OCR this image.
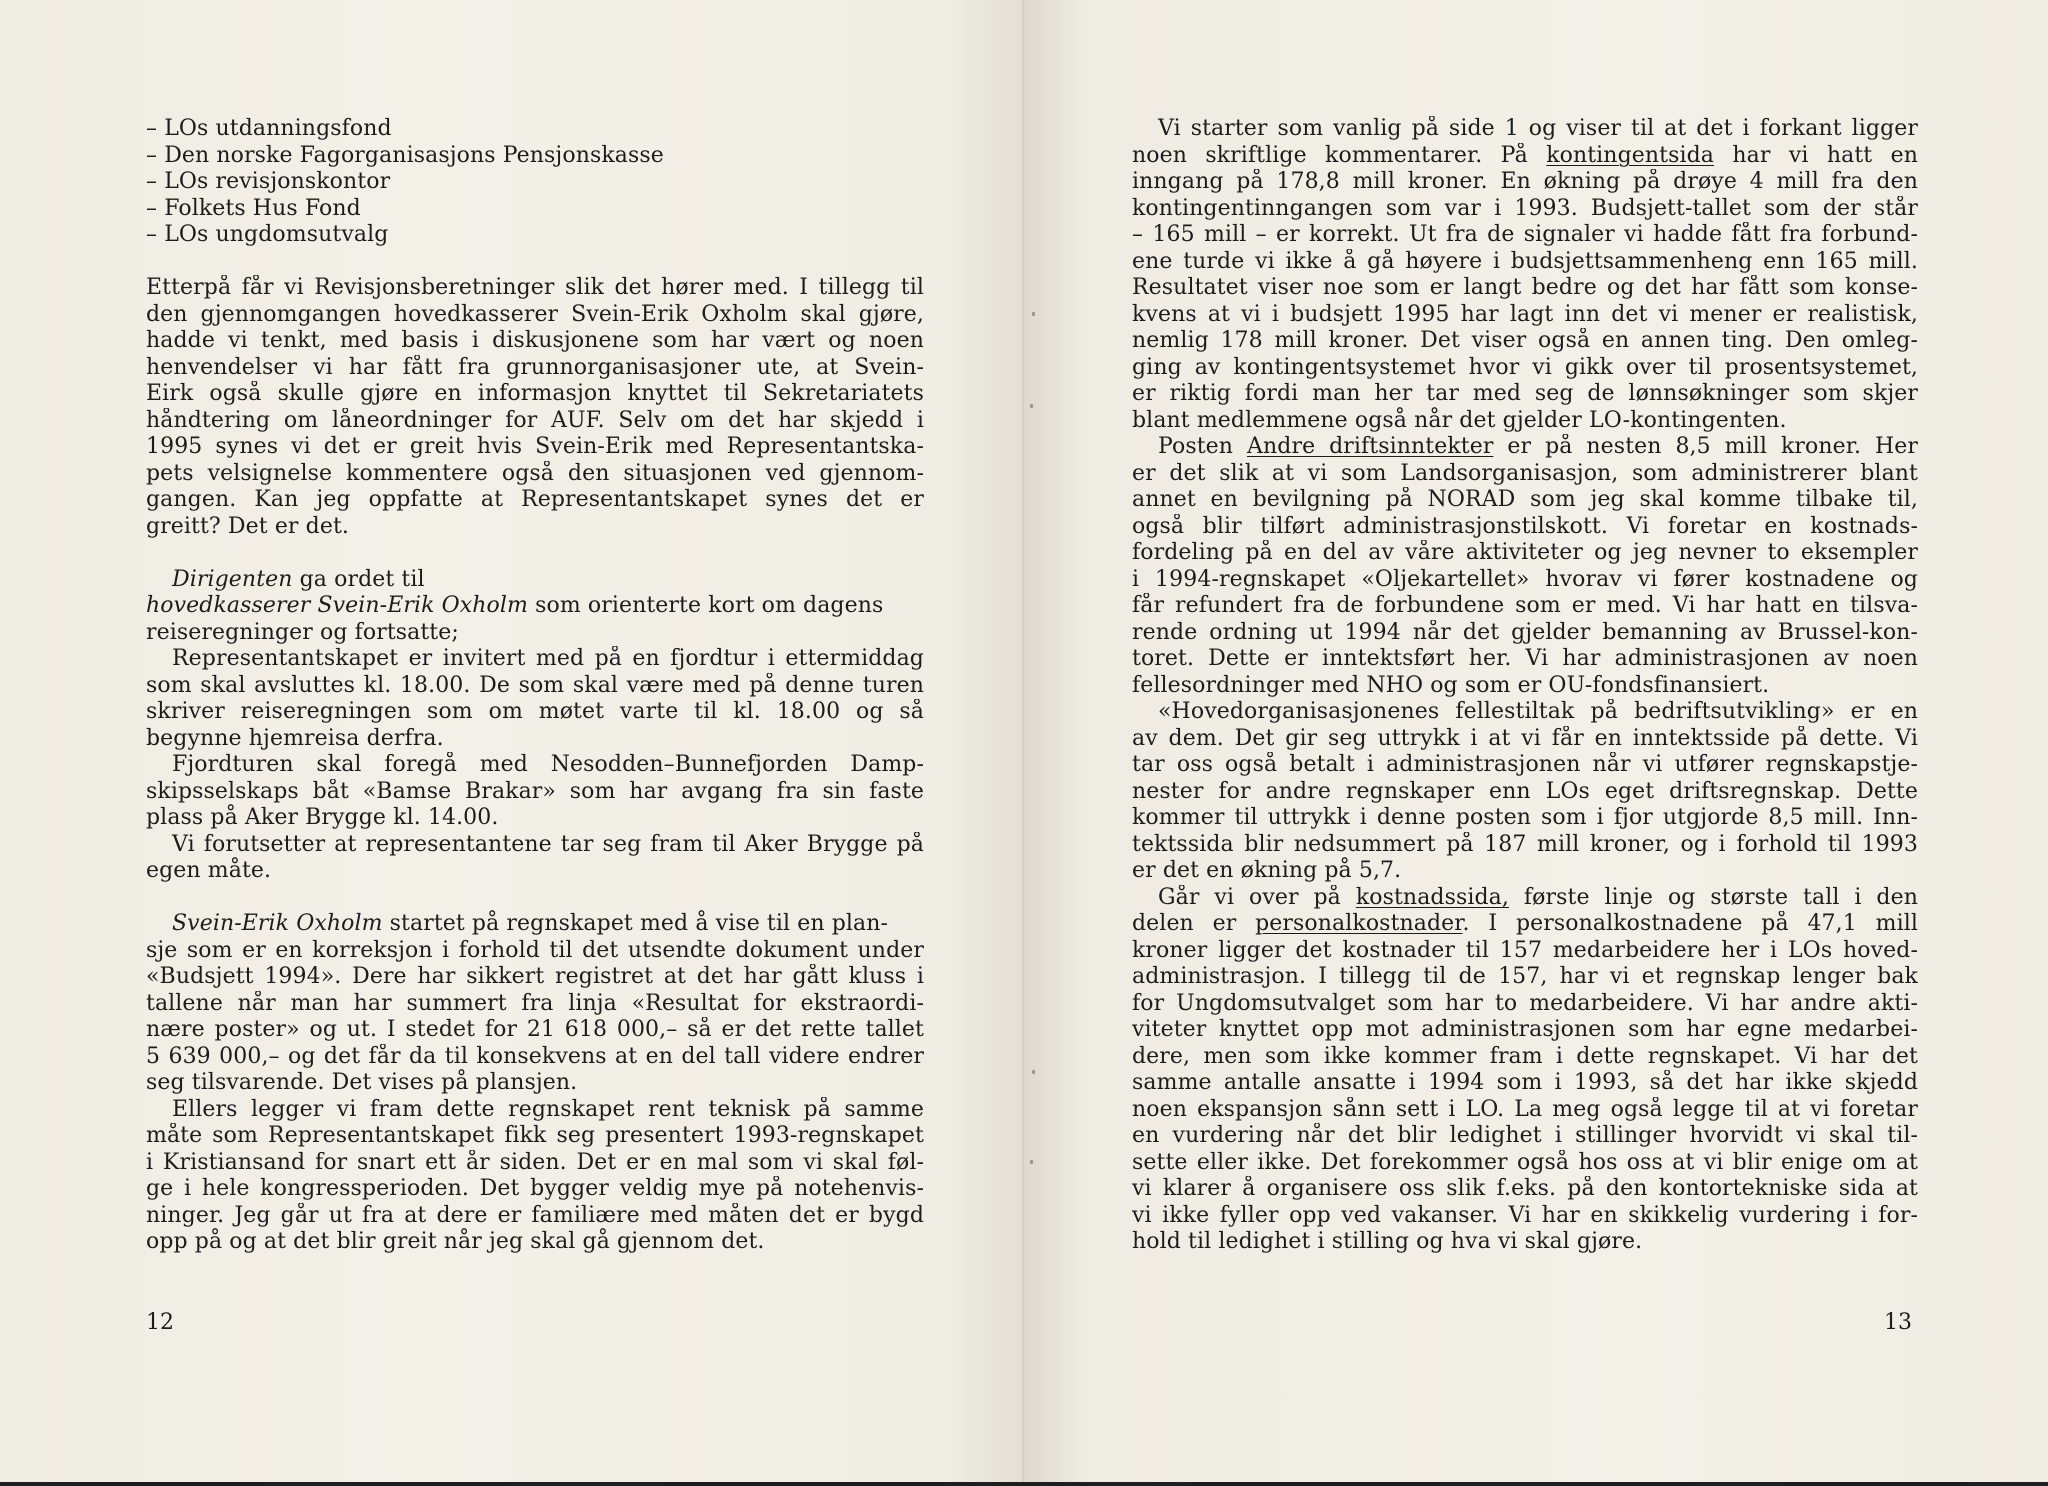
– LOs utdanningsfond
– Den norske Fagorganisasjons Pensjonskasse
– LOs revisjonskontor
– Folkets Hus Fond
– LOs ungdomsutvalg
Etterpå får vi Revisjonsberetninger slik det hører med. I tillegg til
den gjennomgangen hovedkasserer Svein-Erik Oxholm skal gjøre,
hadde vi tenkt, med basis i diskusjonene som har vært og noen
henvendelser vi har fått fra grunnorganisasjoner ute, at Svein-
Eirk også skulle gjøre en informasjon knyttet til Sekretariatets
håndtering om låneordninger for AUF. Selv om det har skjedd i
1995 synes vi det er greit hvis Svein-Erik med Representantska-
pets velsignelse kommentere også den situasjonen ved gjennom-
gangen. Kan jeg oppfatte at Representantskapet synes det er
greitt? Det er det.
Dirigenten ga ordet til
hovedkasserer Svein-Erik Oxholm som orienterte kort om dagens
reiseregninger og fortsatte;
Representantskapet er invitert med på en fjordtur i ettermiddag
som skal avsluttes kl. 18.00. De som skal være med på denne turen
skriver reiseregningen som om møtet varte til kl. 18.00 og så
begynne hjemreisa derfra.
Fjordturen skal foregå med Nesodden–Bunnefjorden Damp-
skipsselskaps båt «Bamse Brakar» som har avgang fra sin faste
plass på Aker Brygge kl. 14.00.
Vi forutsetter at representantene tar seg fram til Aker Brygge på
egen måte.
Svein-Erik Oxholm startet på regnskapet med å vise til en plan-
sje som er en korreksjon i forhold til det utsendte dokument under
«Budsjett 1994». Dere har sikkert registret at det har gått kluss i
tallene når man har summert fra linja «Resultat for ekstraordi-
nære poster» og ut. I stedet for 21 618 000,– så er det rette tallet
5 639 000,– og det får da til konsekvens at en del tall videre endrer
seg tilsvarende. Det vises på plansjen.
Ellers legger vi fram dette regnskapet rent teknisk på samme
måte som Representantskapet fikk seg presentert 1993-regnskapet
i Kristiansand for snart ett år siden. Det er en mal som vi skal føl-
ge i hele kongressperioden. Det bygger veldig mye på notehenvis-
ninger. Jeg går ut fra at dere er familiære med måten det er bygd
opp på og at det blir greit når jeg skal gå gjennom det.
12
Vi starter som vanlig på side 1 og viser til at det i forkant ligger
noen skriftlige kommentarer. På kontingentsida har vi hatt en
inngang på 178,8 mill kroner. En økning på drøye 4 mill fra den
kontingentinngangen som var i 1993. Budsjett-tallet som der står
– 165 mill – er korrekt. Ut fra de signaler vi hadde fått fra forbund-
ene turde vi ikke å gå høyere i budsjettsammenheng enn 165 mill.
Resultatet viser noe som er langt bedre og det har fått som konse-
kvens at vi i budsjett 1995 har lagt inn det vi mener er realistisk,
nemlig 178 mill kroner. Det viser også en annen ting. Den omleg-
ging av kontingentsystemet hvor vi gikk over til prosentsystemet,
er riktig fordi man her tar med seg de lønnsøkninger som skjer
blant medlemmene også når det gjelder LO-kontingenten.
Posten Andre driftsinntekter er på nesten 8,5 mill kroner. Her
er det slik at vi som Landsorganisasjon, som administrerer blant
annet en bevilgning på NORAD som jeg skal komme tilbake til,
også blir tilført administrasjonstilskott. Vi foretar en kostnads-
fordeling på en del av våre aktiviteter og jeg nevner to eksempler
i 1994-regnskapet «Oljekartellet» hvorav vi fører kostnadene og
får refundert fra de forbundene som er med. Vi har hatt en tilsva-
rende ordning ut 1994 når det gjelder bemanning av Brussel-kon-
toret. Dette er inntektsført her. Vi har administrasjonen av noen
fellesordninger med NHO og som er OU-fondsfinansiert.
«Hovedorganisasjonenes fellestiltak på bedriftsutvikling» er en
av dem. Det gir seg uttrykk i at vi får en inntektsside på dette. Vi
tar oss også betalt i administrasjonen når vi utfører regnskapstje-
nester for andre regnskaper enn LOs eget driftsregnskap. Dette
kommer til uttrykk i denne posten som i fjor utgjorde 8,5 mill. Inn-
tektssida blir nedsummert på 187 mill kroner, og i forhold til 1993
er det en økning på 5,7.
Går vi over på kostnadssida, første linje og største tall i den
delen er personalkostnader. I personalkostnadene på 47,1 mill
kroner ligger det kostnader til 157 medarbeidere her i LOs hoved-
administrasjon. I tillegg til de 157, har vi et regnskap lenger bak
for Ungdomsutvalget som har to medarbeidere. Vi har andre akti-
viteter knyttet opp mot administrasjonen som har egne medarbei-
dere, men som ikke kommer fram i dette regnskapet. Vi har det
samme antalle ansatte i 1994 som i 1993, så det har ikke skjedd
noen ekspansjon sånn sett i LO. La meg også legge til at vi foretar
en vurdering når det blir ledighet i stillinger hvorvidt vi skal til-
sette eller ikke. Det forekommer også hos oss at vi blir enige om at
vi klarer å organisere oss slik f.eks. på den kontortekniske sida at
vi ikke fyller opp ved vakanser. Vi har en skikkelig vurdering i for-
hold til ledighet i stilling og hva vi skal gjøre.
13
